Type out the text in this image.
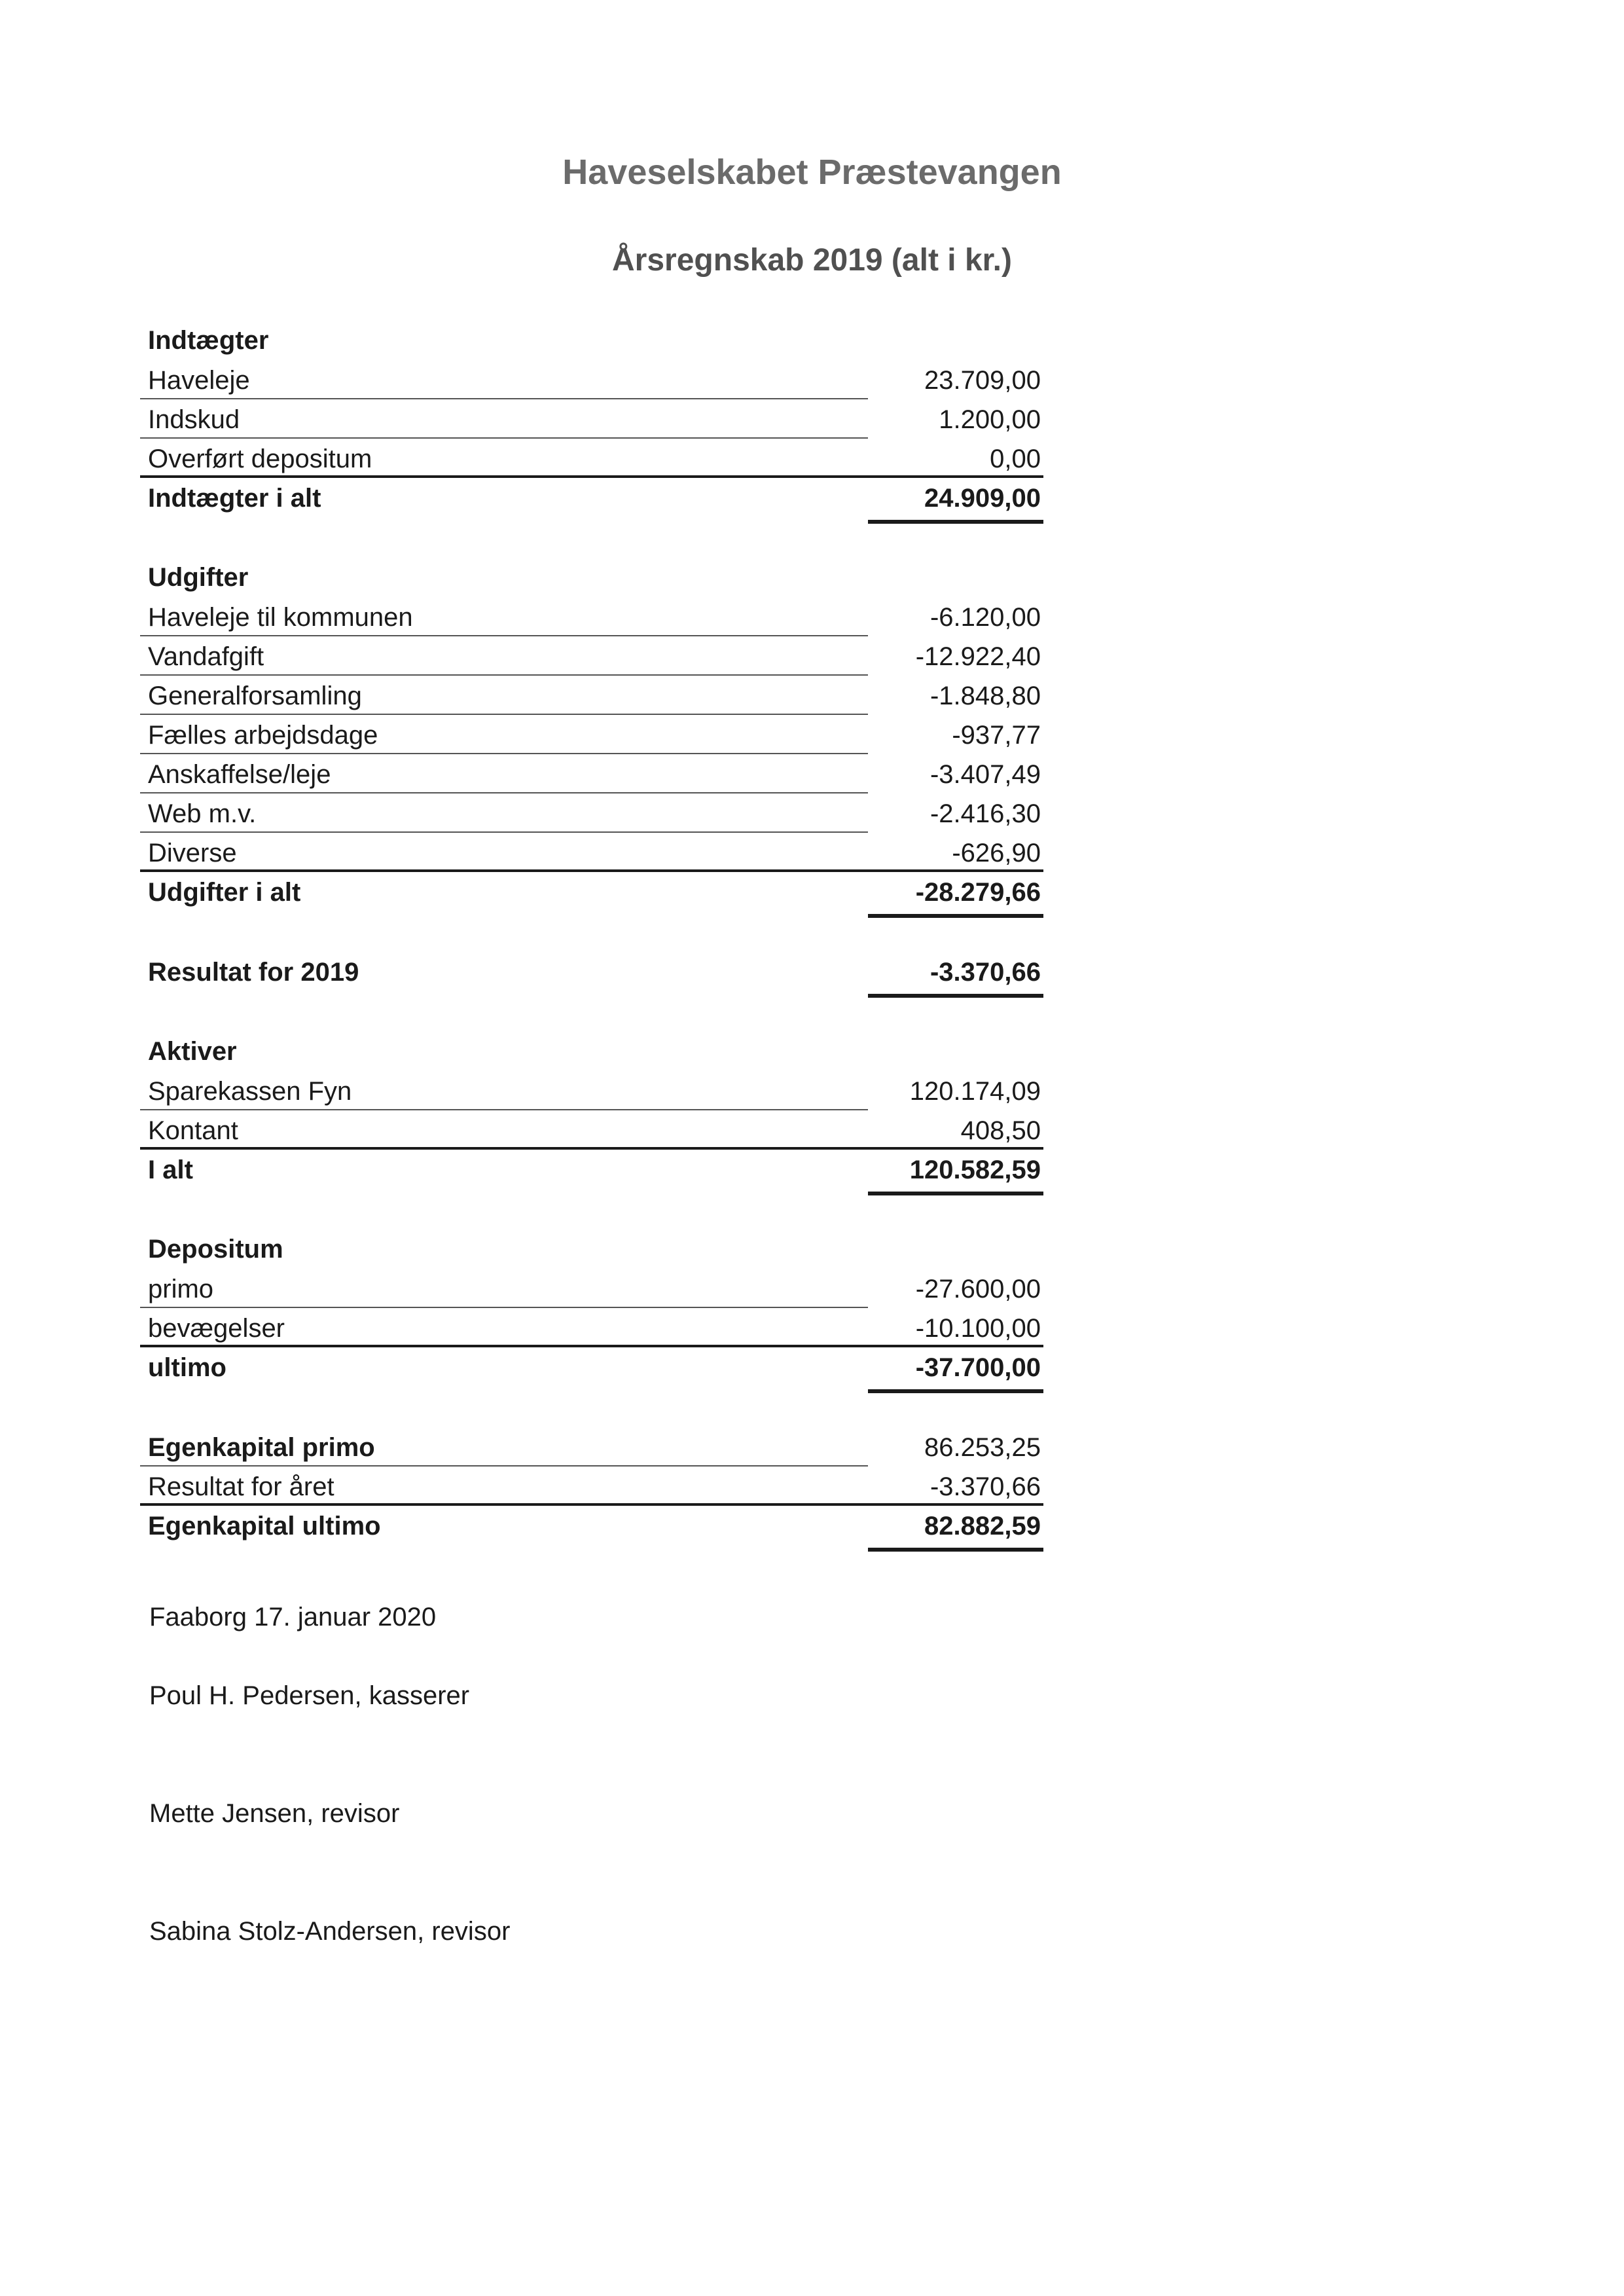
Haveselskabet Præstevangen
Årsregnskab 2019 (alt i kr.)
Indtægter
Haveleje	23.709,00
Indskud	1.200,00
Overført depositum	0,00
Indtægter i alt	24.909,00
Udgifter
Haveleje til kommunen	-6.120,00
Vandafgift	-12.922,40
Generalforsamling	-1.848,80
Fælles arbejdsdage	-937,77
Anskaffelse/leje	-3.407,49
Web m.v.	-2.416,30
Diverse	-626,90
Udgifter i alt	-28.279,66
Resultat for 2019	-3.370,66
Aktiver
Sparekassen Fyn	120.174,09
Kontant	408,50
I alt	120.582,59
Depositum
primo	-27.600,00
bevægelser	-10.100,00
ultimo	-37.700,00
Egenkapital primo	86.253,25
Resultat for året	-3.370,66
Egenkapital ultimo	82.882,59
Faaborg 17. januar 2020
Poul H. Pedersen, kasserer
Mette Jensen, revisor
Sabina Stolz-Andersen, revisor
